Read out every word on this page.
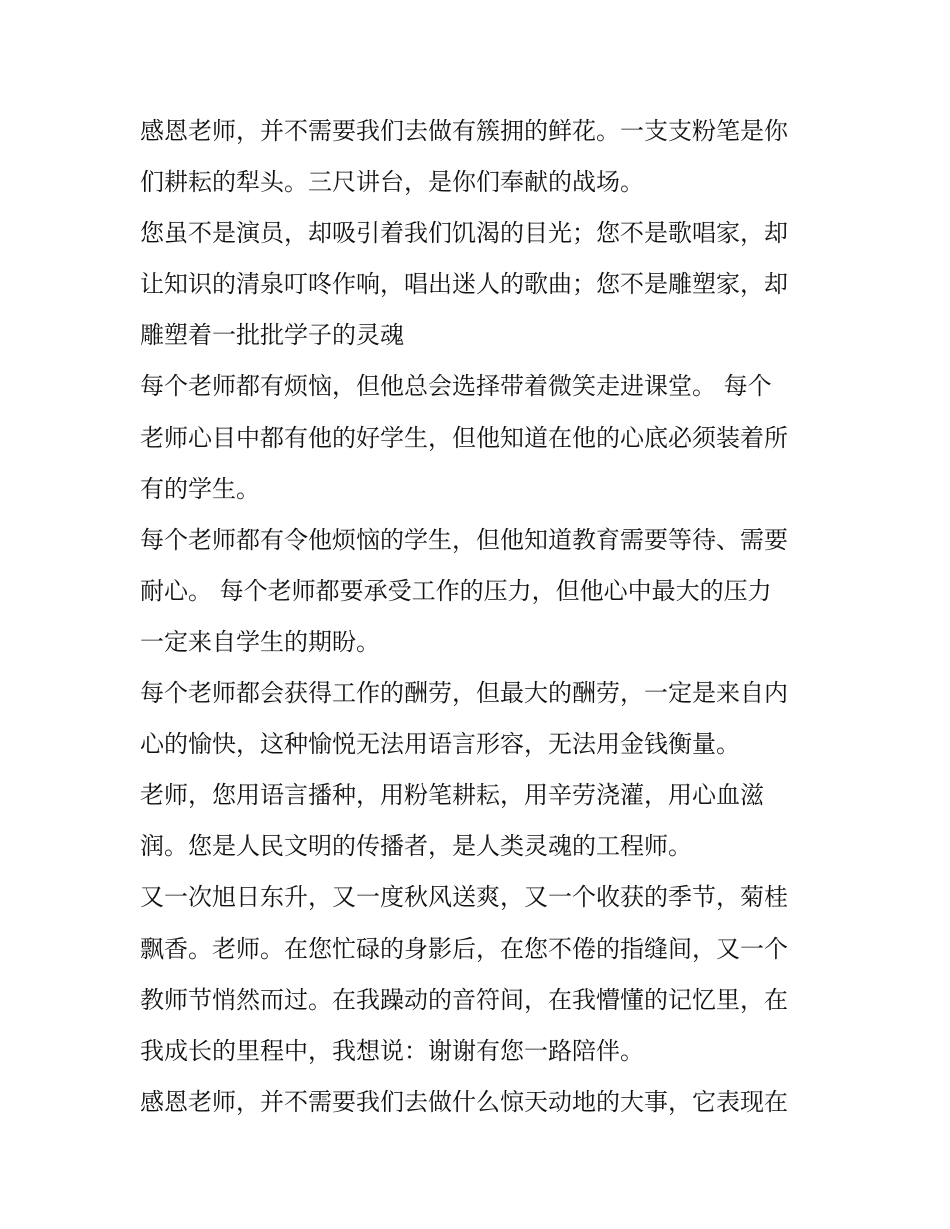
感恩老师，并不需要我们去做有簇拥的鲜花。一支支粉笔是你
们耕耘的犁头。三尺讲台，是你们奉献的战场。
您虽不是演员，却吸引着我们饥渴的目光；您不是歌唱家，却
让知识的清泉叮咚作响，唱出迷人的歌曲；您不是雕塑家，却
雕塑着一批批学子的灵魂
每个老师都有烦恼，但他总会选择带着微笑走进课堂。 每个
老师心目中都有他的好学生，但他知道在他的心底必须装着所
有的学生。
每个老师都有令他烦恼的学生，但他知道教育需要等待、需要
耐心。 每个老师都要承受工作的压力，但他心中最大的压力
一定来自学生的期盼。
每个老师都会获得工作的酬劳，但最大的酬劳，一定是来自内
心的愉快，这种愉悦无法用语言形容，无法用金钱衡量。
老师，您用语言播种，用粉笔耕耘，用辛劳浇灌，用心血滋
润。您是人民文明的传播者，是人类灵魂的工程师。
又一次旭日东升，又一度秋风送爽，又一个收获的季节，菊桂
飘香。老师。在您忙碌的身影后，在您不倦的指缝间，又一个
教师节悄然而过。在我躁动的音符间，在我懵懂的记忆里，在
我成长的里程中，我想说：谢谢有您一路陪伴。
感恩老师，并不需要我们去做什么惊天动地的大事，它表现在
